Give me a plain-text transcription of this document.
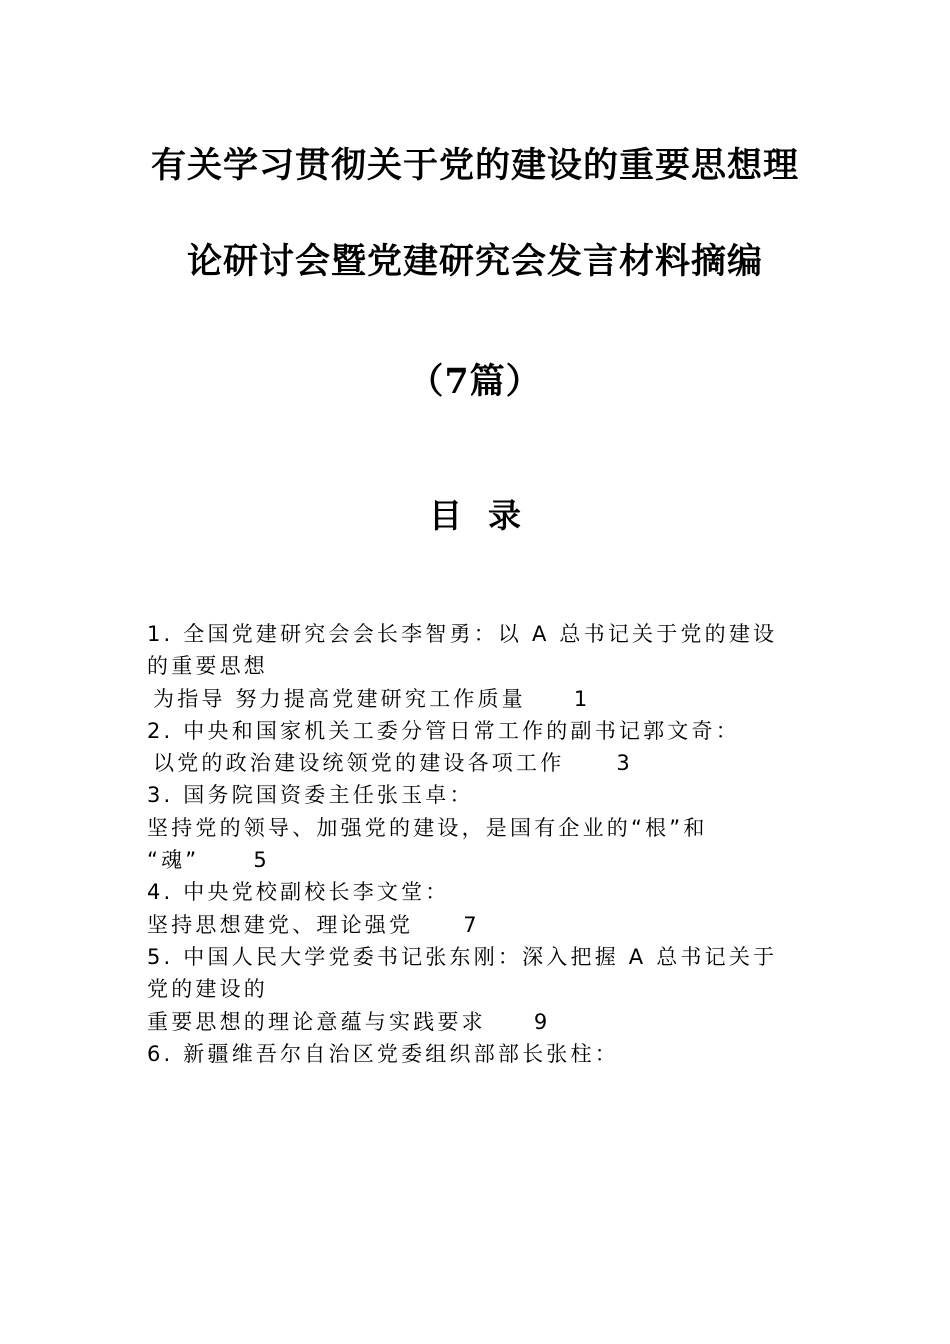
有关学习贯彻关于党的建设的重要思想理
论研讨会暨党建研究会发言材料摘编
（7篇）
目录
1. 全国党建研究会会长李智勇：以 A 总书记关于党的建设
的重要思想
为指导 努力提高党建研究工作质量 1
2. 中央和国家机关工委分管日常工作的副书记郭文奇：
以党的政治建设统领党的建设各项工作 3
3. 国务院国资委主任张玉卓：
坚持党的领导、加强党的建设，是国有企业的“根”和
“魂”	5
4. 中央党校副校长李文堂：
坚持思想建党、理论强党 7
5. 中国人民大学党委书记张东刚：深入把握 A 总书记关于
党的建设的
重要思想的理论意蕴与实践要求 9
6. 新疆维吾尔自治区党委组织部部长张柱：
